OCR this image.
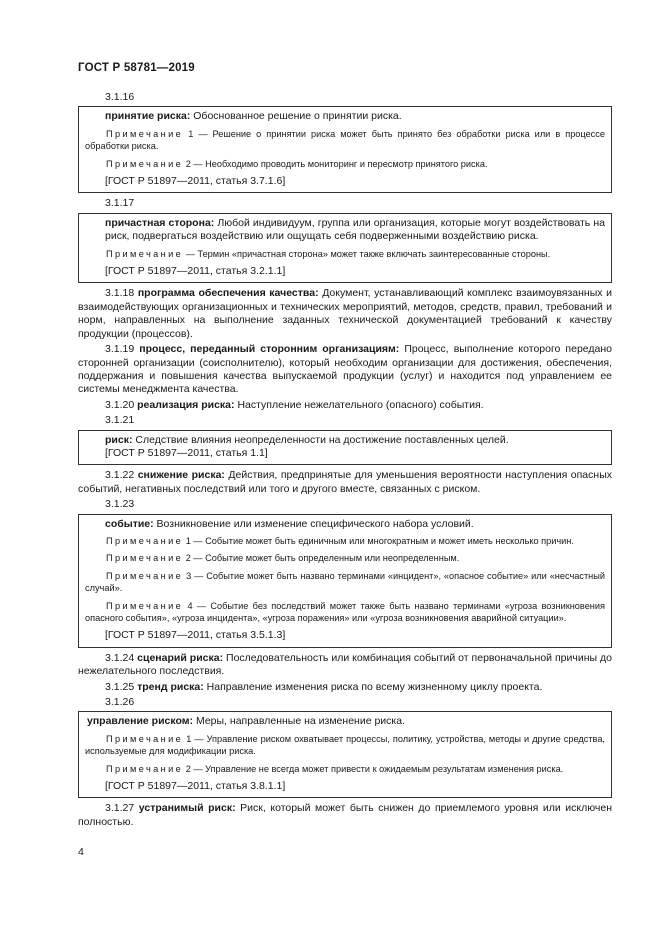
ГОСТ Р 58781—2019
3.1.16

принятие риска: Обоснованное решение о принятии риска.

Примечание 1 — Решение о принятии риска может быть принято без обработки риска или в процессе обработки риска.

Примечание 2 — Необходимо проводить мониторинг и пересмотр принятого риска.

[ГОСТ Р 51897—2011, статья 3.7.1.6]

3.1.17

причастная сторона: Любой индивидуум, группа или организация, которые могут воздействовать на риск, подвергаться воздействию или ощущать себя подверженными воздействию риска.

Примечание — Термин «причастная сторона» может также включать заинтересованные стороны.

[ГОСТ Р 51897—2011, статья 3.2.1.1]

3.1.18 программа обеспечения качества: Документ, устанавливающий комплекс взаимоувязанных и взаимодействующих организационных и технических мероприятий, методов, средств, правил, требований и норм, направленных на выполнение заданных технической документацией требований к качеству продукции (процессов).

3.1.19 процесс, переданный сторонним организациям: Процесс, выполнение которого передано сторонней организации (соисполнителю), который необходим организации для достижения, обеспечения, поддержания и повышения качества выпускаемой продукции (услуг) и находится под управлением ее системы менеджмента качества.

3.1.20 реализация риска: Наступление нежелательного (опасного) события.

3.1.21

риск: Следствие влияния неопределенности на достижение поставленных целей.

[ГОСТ Р 51897—2011, статья 1.1]

3.1.22 снижение риска: Действия, предпринятые для уменьшения вероятности наступления опасных событий, негативных последствий или того и другого вместе, связанных с риском.

3.1.23

событие: Возникновение или изменение специфического набора условий.

Примечание 1 — Событие может быть единичным или многократным и может иметь несколько причин.

Примечание 2 — Событие может быть определенным или неопределенным.

Примечание 3 — Событие может быть названо терминами «инцидент», «опасное событие» или «несчастный случай».

Примечание 4 — Событие без последствий может также быть названо терминами «угроза возникновения опасного события», «угроза инцидента», «угроза поражения» или «угроза возникновения аварийной ситуации».

[ГОСТ Р 51897—2011, статья 3.5.1.3]

3.1.24 сценарий риска: Последовательность или комбинация событий от первоначальной причины до нежелательного последствия.

3.1.25 тренд риска: Направление изменения риска по всему жизненному циклу проекта.

3.1.26

управление риском: Меры, направленные на изменение риска.

Примечание 1 — Управление риском охватывает процессы, политику, устройства, методы и другие средства, используемые для модификации риска.

Примечание 2 — Управление не всегда может привести к ожидаемым результатам изменения риска.

[ГОСТ Р 51897—2011, статья 3.8.1.1]

3.1.27 устранимый риск: Риск, который может быть снижен до приемлемого уровня или исключен полностью.

4
